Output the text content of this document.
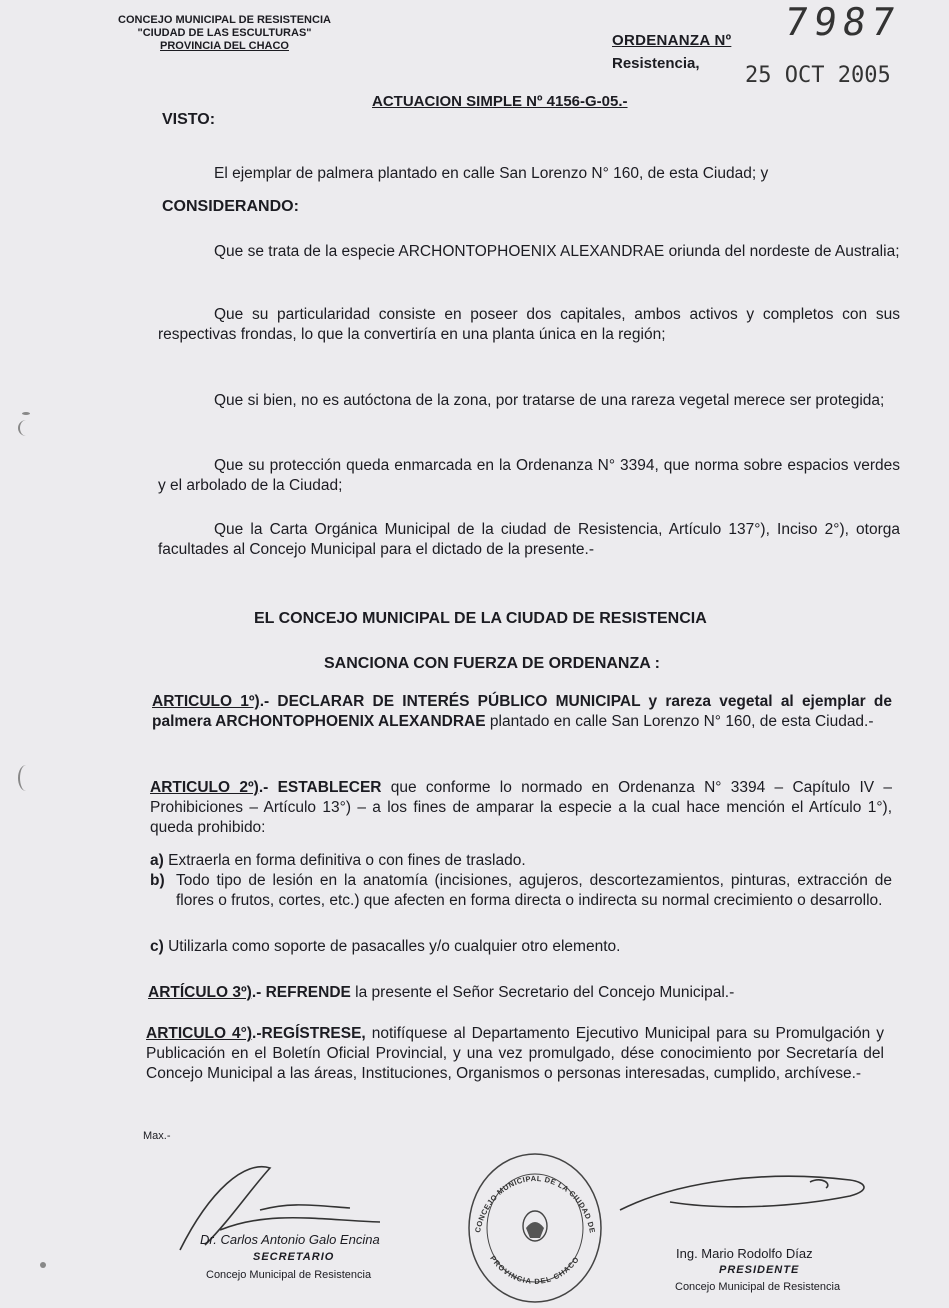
CONCEJO MUNICIPAL DE RESISTENCIA
"CIUDAD DE LAS ESCULTURAS"
PROVINCIA DEL CHACO	ORDENANZA Nº 7987
Resistencia, 25 OCT 2005
ACTUACION SIMPLE Nº 4156-G-05.-
VISTO:
El ejemplar de palmera plantado en calle San Lorenzo N° 160, de esta Ciudad; y
CONSIDERANDO:
Que se trata de la especie ARCHONTOPHOENIX ALEXANDRAE oriunda del nordeste de Australia;
Que su particularidad consiste en poseer dos capitales, ambos activos y completos con sus respectivas frondas, lo que la convertiría en una planta única en la región;
Que si bien, no es autóctona de la zona, por tratarse de una rareza vegetal merece ser protegida;
Que su protección queda enmarcada en la Ordenanza N° 3394, que norma sobre espacios verdes y el arbolado de la Ciudad;
Que la Carta Orgánica Municipal de la ciudad de Resistencia, Artículo 137°), Inciso 2°), otorga facultades al Concejo Municipal para el dictado de la presente.-
EL CONCEJO MUNICIPAL DE LA CIUDAD DE RESISTENCIA
SANCIONA CON FUERZA DE ORDENANZA :
ARTICULO 1º).- DECLARAR DE INTERÉS PÚBLICO MUNICIPAL y rareza vegetal al ejemplar de palmera ARCHONTOPHOENIX ALEXANDRAE plantado en calle San Lorenzo N° 160, de esta Ciudad.-
ARTICULO 2º).- ESTABLECER que conforme lo normado en Ordenanza N° 3394 – Capítulo IV – Prohibiciones – Artículo 13°) – a los fines de amparar la especie a la cual hace mención el Artículo 1°), queda prohibido:
a) Extraerla en forma definitiva o con fines de traslado.
b) Todo tipo de lesión en la anatomía (incisiones, agujeros, descortezamientos, pinturas, extracción de flores o frutos, cortes, etc.) que afecten en forma directa o indirecta su normal crecimiento o desarrollo.
c) Utilizarla como soporte de pasacalles y/o cualquier otro elemento.
ARTÍCULO 3º).- REFRENDE la presente el Señor Secretario del Concejo Municipal.-
ARTICULO 4°).-REGÍSTRESE, notifíquese al Departamento Ejecutivo Municipal para su Promulgación y Publicación en el Boletín Oficial Provincial, y una vez promulgado, dése conocimiento por Secretaría del Concejo Municipal a las áreas, Instituciones, Organismos o personas interesadas, cumplido, archívese.-
Max.-
Dr. Carlos Antonio Galo Encina
SECRETARIO
Concejo Municipal de Resistencia
CONCEJO MUNICIPAL DE LA CIUDAD DE
PROVINCIA DEL CHACO	Ing. Mario Rodolfo Díaz
PRESIDENTE
Concejo Municipal de Resistencia
